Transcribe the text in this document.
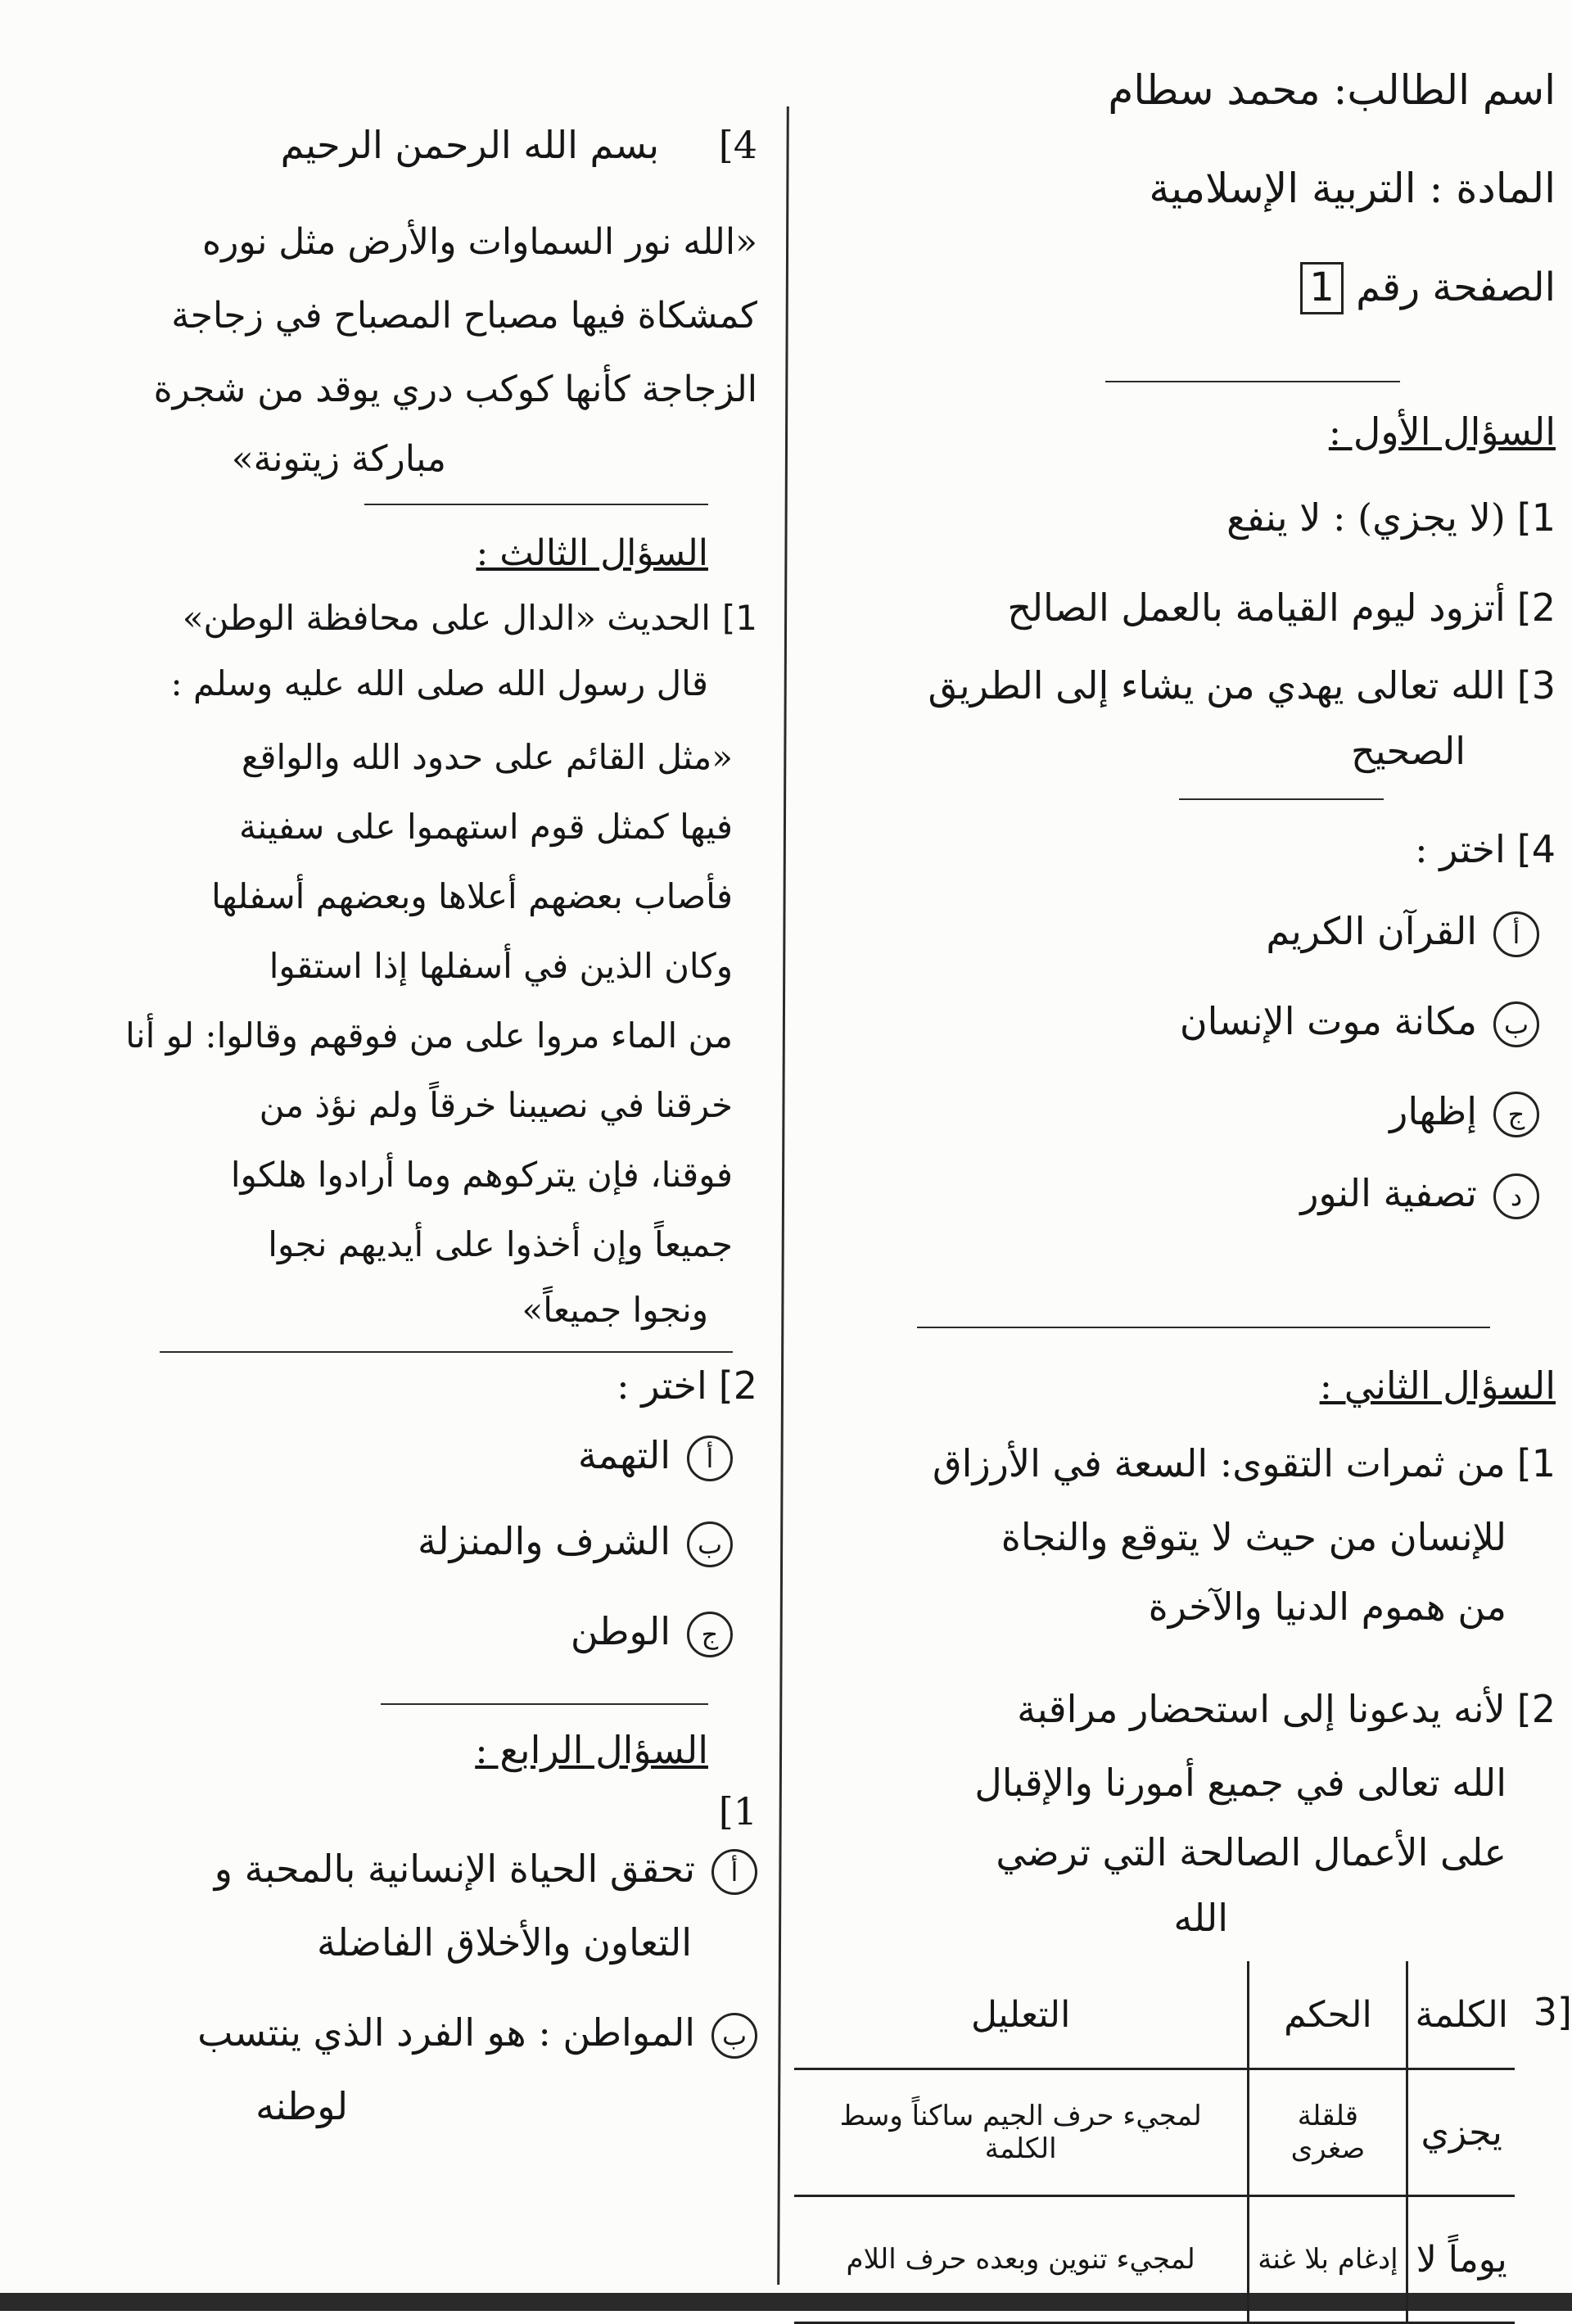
اسم الطالب: محمد سطام
المادة : التربية الإسلامية
الصفحة رقم 1
السؤال الأول :
1](لا يجزي) : لا ينفع
2]أتزود ليوم القيامة بالعمل الصالح
3]الله تعالى يهدي من يشاء إلى الطريق
الصحيح
4]اختر :
أالقرآن الكريم
بمكانة موت الإنسان
جإظهار
دتصفية النور
السؤال الثاني :
1]من ثمرات التقوى: السعة في الأرزاق
للإنسان من حيث لا يتوقع والنجاة
من هموم الدنيا والآخرة
2]لأنه يدعونا إلى استحضار مراقبة
الله تعالى في جميع أمورنا والإقبال
على الأعمال الصالحة التي ترضي
الله
3]
الكلمة	الحكم	التعليل
يجزي	قلقلة صغرى	لمجيء حرف الجيم ساكناً وسط الكلمة
يوماً لا	إدغام بلا غنة	لمجيء تنوين وبعده حرف اللام
4]
بسم الله الرحمن الرحيم
«الله نور السماوات والأرض مثل نوره
كمشكاة فيها مصباح المصباح في زجاجة
الزجاجة كأنها كوكب دري يوقد من شجرة
مباركة زيتونة»
السؤال الثالث :
1]الحديث «الدال على محافظة الوطن»
قال رسول الله صلى الله عليه وسلم :
«مثل القائم على حدود الله والواقع
فيها كمثل قوم استهموا على سفينة
فأصاب بعضهم أعلاها وبعضهم أسفلها
وكان الذين في أسفلها إذا استقوا
من الماء مروا على من فوقهم وقالوا: لو أنا
خرقنا في نصيبنا خرقاً ولم نؤذ من
فوقنا، فإن يتركوهم وما أرادوا هلكوا
جميعاً وإن أخذوا على أيديهم نجوا
ونجوا جميعاً»
2]اختر :
أالتهمة
بالشرف والمنزلة
جالوطن
السؤال الرابع :
1]
أتحقق الحياة الإنسانية بالمحبة و
التعاون والأخلاق الفاضلة
بالمواطن : هو الفرد الذي ينتسب
لوطنه
